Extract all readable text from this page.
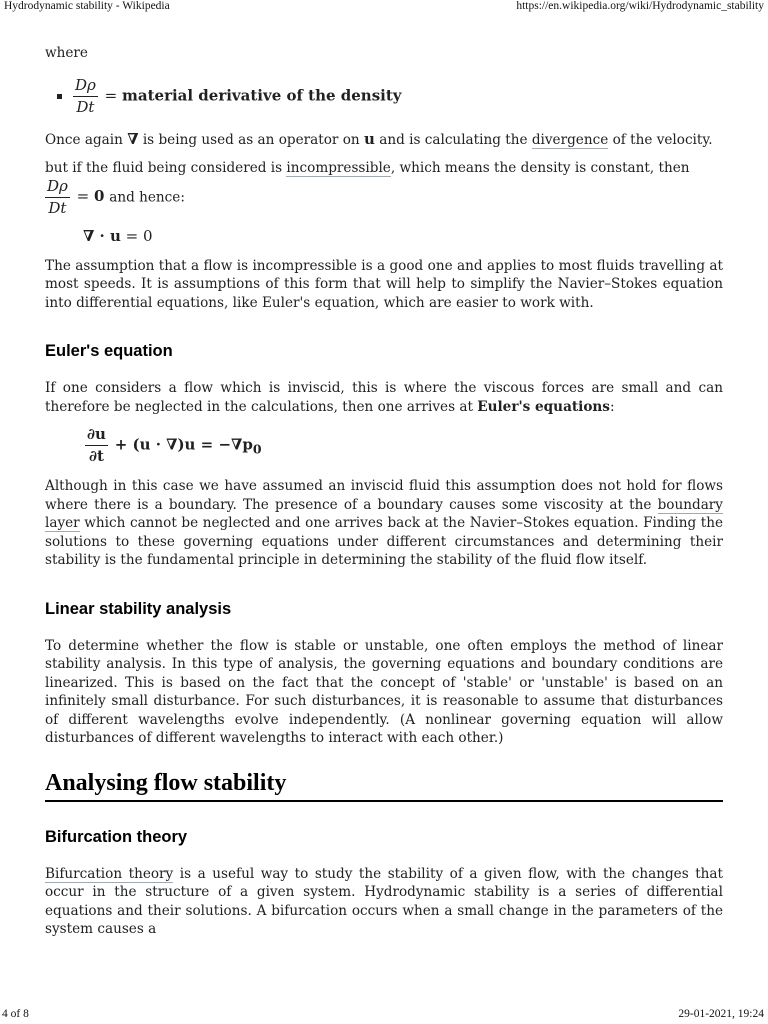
Hydrodynamic stability - Wikipedia	https://en.wikipedia.org/wiki/Hydrodynamic_stability

where

$\frac{D\rho}{Dt}$ = material derivative of the density

Once again ∇ is being used as an operator on u and is calculating the divergence of the velocity.

but if the fluid being considered is incompressible, which means the density is constant, then

$\frac{D\rho}{Dt} = 0$ and hence:

∇ · u = 0

The assumption that a flow is incompressible is a good one and applies to most fluids travelling at most speeds. It is assumptions of this form that will help to simplify the Navier–Stokes equation into differential equations, like Euler's equation, which are easier to work with.

Euler's equation

If one considers a flow which is inviscid, this is where the viscous forces are small and can therefore be neglected in the calculations, then one arrives at Euler's equations:

$\frac{\partial u}{\partial t} + (u \cdot \nabla)u = -\nabla p_0$

Although in this case we have assumed an inviscid fluid this assumption does not hold for flows where there is a boundary. The presence of a boundary causes some viscosity at the boundary layer which cannot be neglected and one arrives back at the Navier–Stokes equation. Finding the solutions to these governing equations under different circumstances and determining their stability is the fundamental principle in determining the stability of the fluid flow itself.

Linear stability analysis

To determine whether the flow is stable or unstable, one often employs the method of linear stability analysis. In this type of analysis, the governing equations and boundary conditions are linearized. This is based on the fact that the concept of 'stable' or 'unstable' is based on an infinitely small disturbance. For such disturbances, it is reasonable to assume that disturbances of different wavelengths evolve independently. (A nonlinear governing equation will allow disturbances of different wavelengths to interact with each other.)

Analysing flow stability
Bifurcation theory

Bifurcation theory is a useful way to study the stability of a given flow, with the changes that occur in the structure of a given system. Hydrodynamic stability is a series of differential equations and their solutions. A bifurcation occurs when a small change in the parameters of the system causes a

4 of 8	29-01-2021, 19:24
